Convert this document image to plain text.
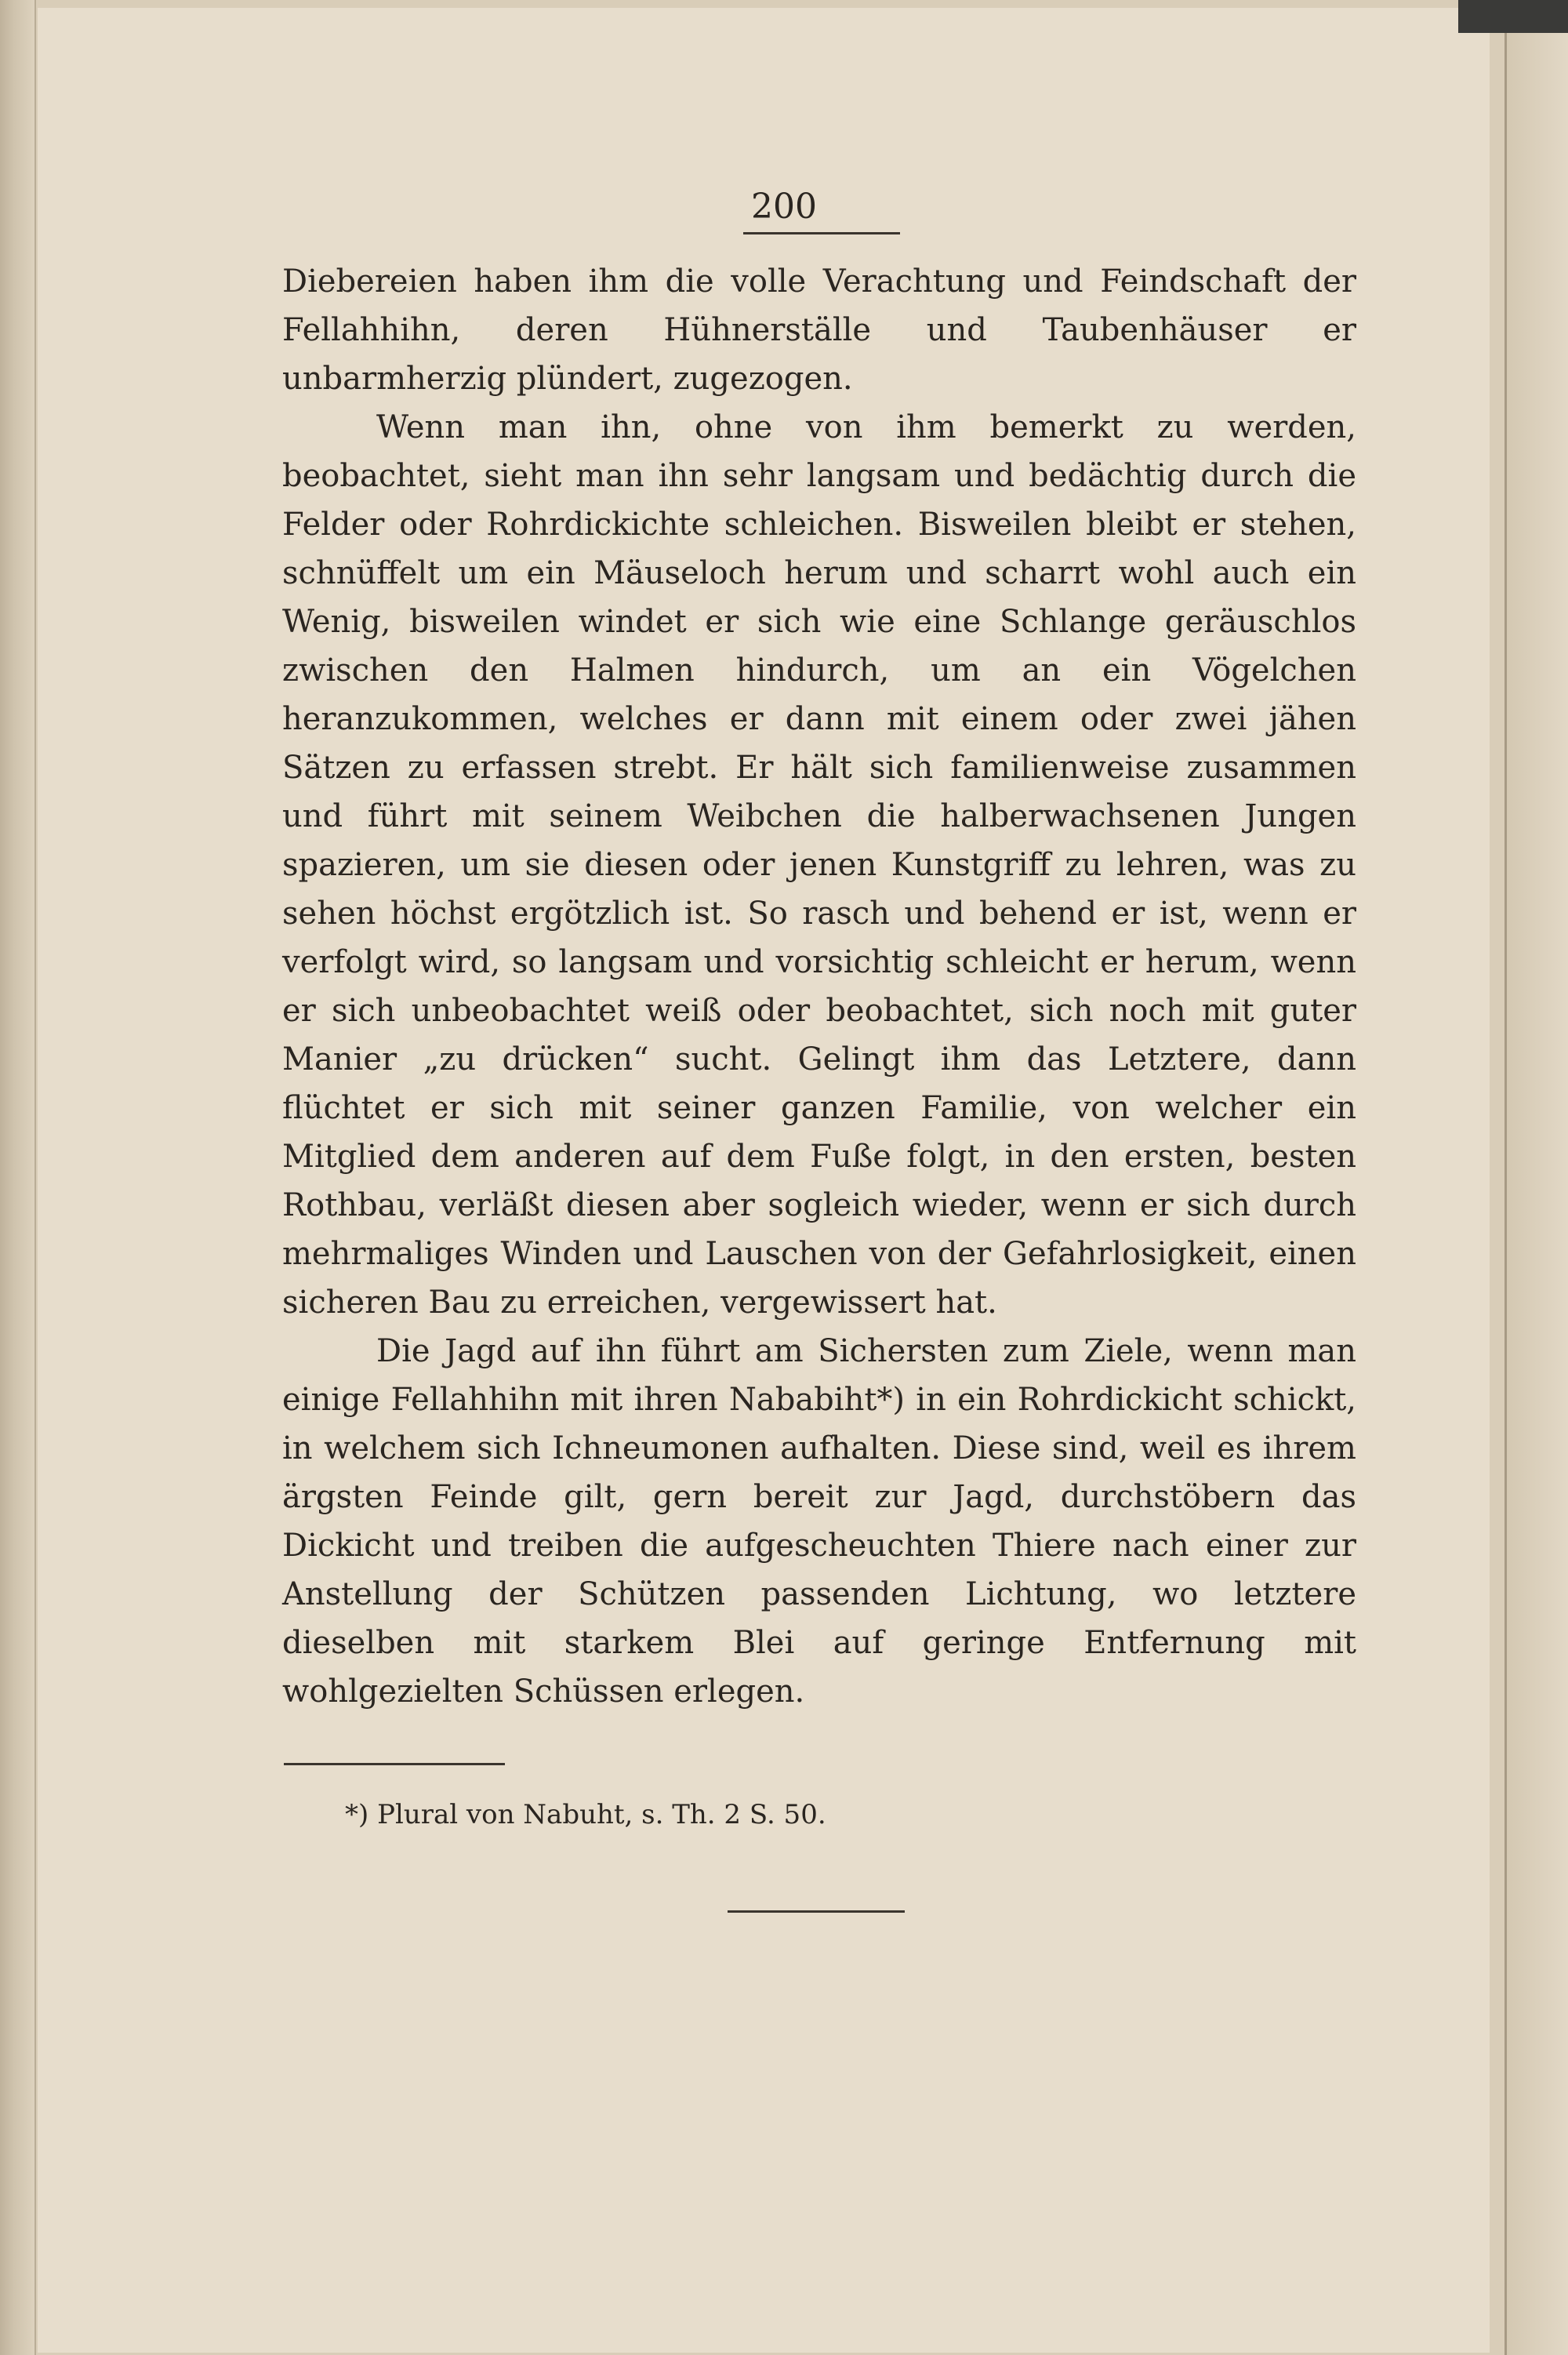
200

Diebereien haben ihm die volle Verachtung und Feindschaft der Fellahhihn, deren Hühnerställe und Taubenhäuser er unbarmherzig plündert, zugezogen.

Wenn man ihn, ohne von ihm bemerkt zu werden, beobachtet, sieht man ihn sehr langsam und bedächtig durch die Felder oder Rohrdickichte schleichen. Bisweilen bleibt er stehen, schnüffelt um ein Mäuseloch herum und scharrt wohl auch ein Wenig, bisweilen windet er sich wie eine Schlange geräuschlos zwischen den Halmen hindurch, um an ein Vögelchen heranzukommen, welches er dann mit einem oder zwei jähen Sätzen zu erfassen strebt. Er hält sich familienweise zusammen und führt mit seinem Weibchen die halberwachsenen Jungen spazieren, um sie diesen oder jenen Kunstgriff zu lehren, was zu sehen höchst ergötzlich ist. So rasch und behend er ist, wenn er verfolgt wird, so langsam und vorsichtig schleicht er herum, wenn er sich unbeobachtet weiß oder beobachtet, sich noch mit guter Manier „zu drücken“ sucht. Gelingt ihm das Letztere, dann flüchtet er sich mit seiner ganzen Familie, von welcher ein Mitglied dem anderen auf dem Fuße folgt, in den ersten, besten Rothbau, verläßt diesen aber sogleich wieder, wenn er sich durch mehrmaliges Winden und Lauschen von der Gefahrlosigkeit, einen sicheren Bau zu erreichen, vergewissert hat.

Die Jagd auf ihn führt am Sichersten zum Ziele, wenn man einige Fellahhihn mit ihren Nababiht*) in ein Rohrdickicht schickt, in welchem sich Ichneumonen aufhalten. Diese sind, weil es ihrem ärgsten Feinde gilt, gern bereit zur Jagd, durchstöbern das Dickicht und treiben die aufgescheuchten Thiere nach einer zur Anstellung der Schützen passenden Lichtung, wo letztere dieselben mit starkem Blei auf geringe Entfernung mit wohlgezielten Schüssen erlegen.

*) Plural von Nabuht, s. Th. 2 S. 50.
